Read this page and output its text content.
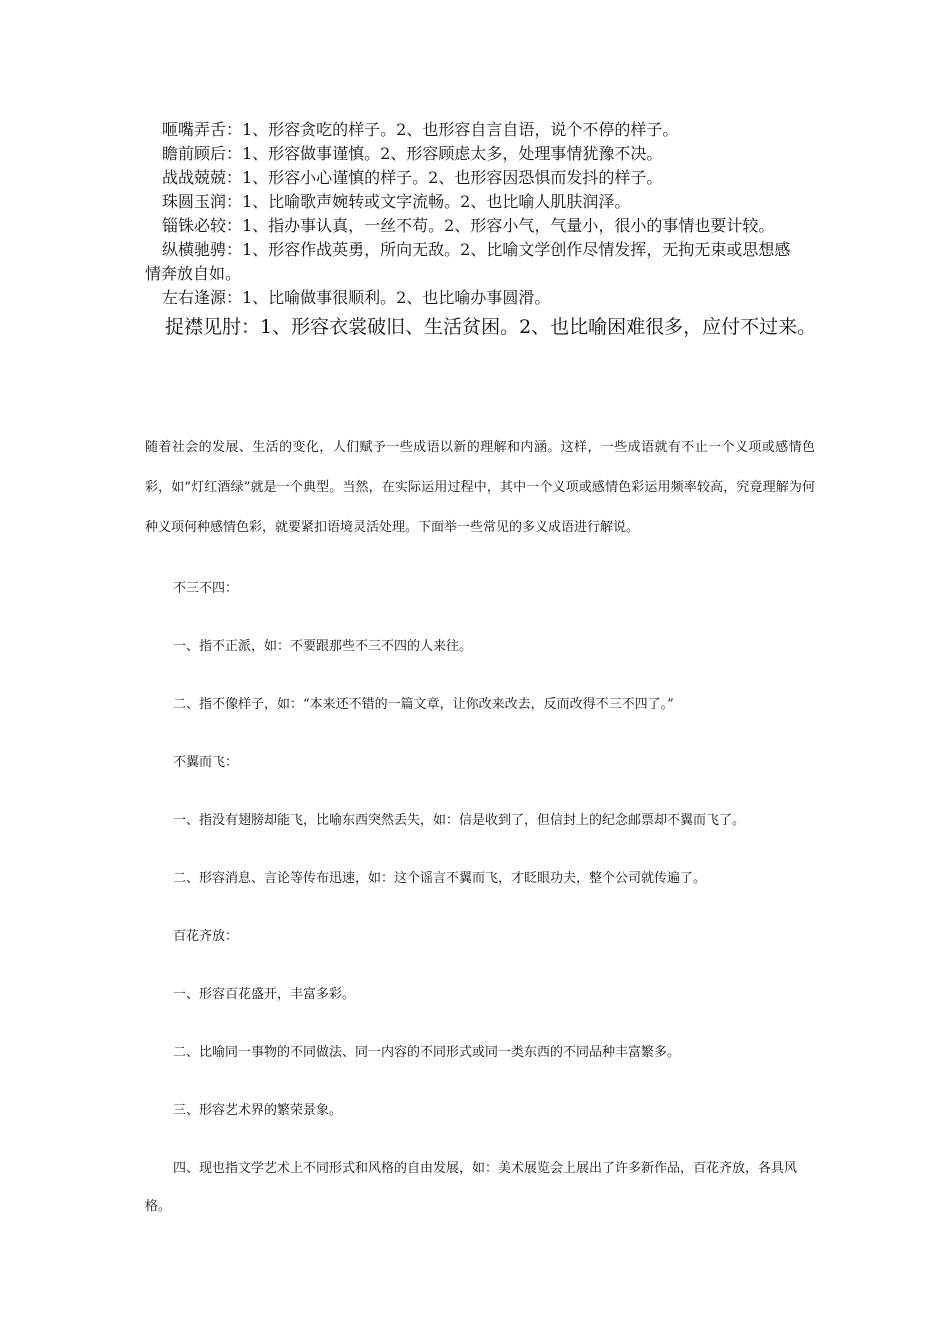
咂嘴弄舌：1、形容贪吃的样子。2、也形容自言自语，说个不停的样子。

瞻前顾后：1、形容做事谨慎。2、形容顾虑太多，处理事情犹豫不决。

战战兢兢：1、形容小心谨慎的样子。2、也形容因恐惧而发抖的样子。

珠圆玉润：1、比喻歌声婉转或文字流畅。2、也比喻人肌肤润泽。

锱铢必较：1、指办事认真，一丝不苟。2、形容小气，气量小，很小的事情也要计较。

纵横驰骋：1、形容作战英勇，所向无敌。2、比喻文学创作尽情发挥，无拘无束或思想感情奔放自如。

左右逢源：1、比喻做事很顺利。2、也比喻办事圆滑。

捉襟见肘：1、形容衣裳破旧、生活贫困。2、也比喻困难很多，应付不过来。

随着社会的发展、生活的变化，人们赋予一些成语以新的理解和内涵。这样，一些成语就有不止一个义项或感情色彩，如“灯红酒绿”就是一个典型。当然，在实际运用过程中，其中一个义项或感情色彩运用频率较高，究竟理解为何种义项何种感情色彩，就要紧扣语境灵活处理。下面举一些常见的多义成语进行解说。

不三不四：

一、指不正派，如：不要跟那些不三不四的人来往。

二、指不像样子，如：“本来还不错的一篇文章，让你改来改去，反而改得不三不四了。”

不翼而飞：

一、指没有翅膀却能飞，比喻东西突然丢失，如：信是收到了，但信封上的纪念邮票却不翼而飞了。

二、形容消息、言论等传布迅速，如：这个谣言不翼而飞，才眨眼功夫，整个公司就传遍了。

百花齐放：

一、形容百花盛开，丰富多彩。

二、比喻同一事物的不同做法、同一内容的不同形式或同一类东西的不同品种丰富繁多。

三、形容艺术界的繁荣景象。

四、现也指文学艺术上不同形式和风格的自由发展，如：美术展览会上展出了许多新作品，百花齐放，各具风格。
